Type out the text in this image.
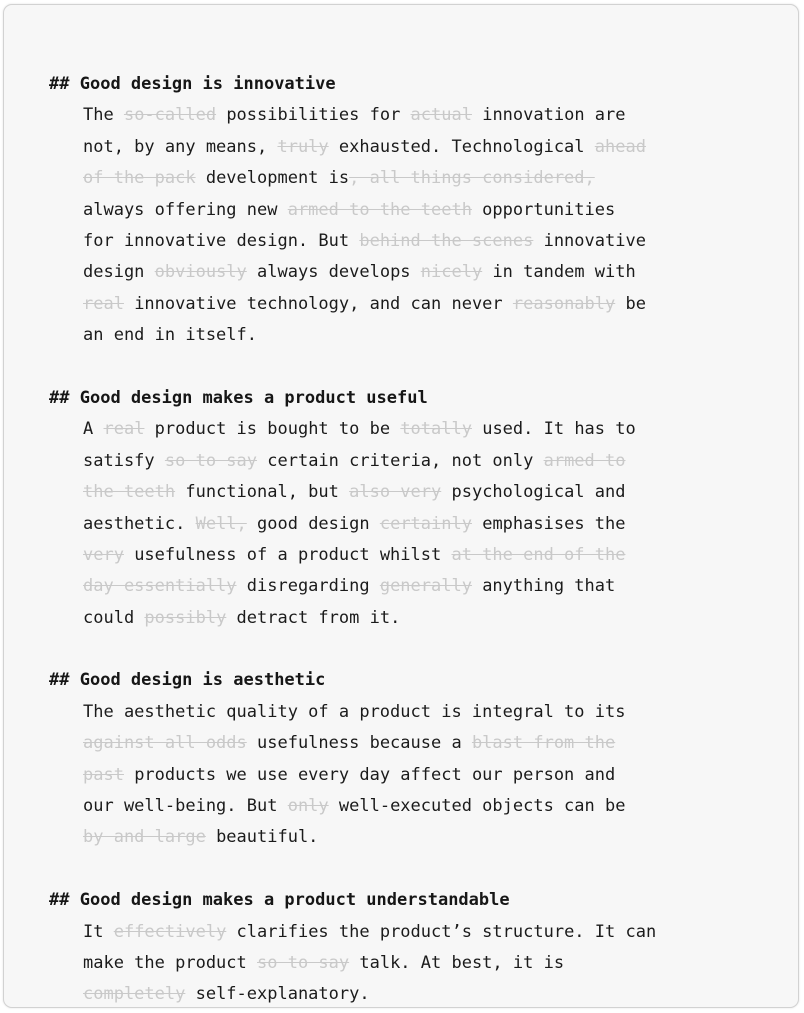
## Good design is innovative
The so-called possibilities for actual innovation are
not, by any means, truly exhausted. Technological ahead
of the pack development is, all things considered,
always offering new armed to the teeth opportunities
for innovative design. But behind the scenes innovative
design obviously always develops nicely in tandem with
real innovative technology, and can never reasonably be
an end in itself.
## Good design makes a product useful
A real product is bought to be totally used. It has to
satisfy so to say certain criteria, not only armed to
the teeth functional, but also very psychological and
aesthetic. Well, good design certainly emphasises the
very usefulness of a product whilst at the end of the
day essentially disregarding generally anything that
could possibly detract from it.
## Good design is aesthetic
The aesthetic quality of a product is integral to its
against all odds usefulness because a blast from the
past products we use every day affect our person and
our well-being. But only well-executed objects can be
by and large beautiful.
## Good design makes a product understandable
It effectively clarifies the product’s structure. It can
make the product so to say talk. At best, it is
completely self-explanatory.
